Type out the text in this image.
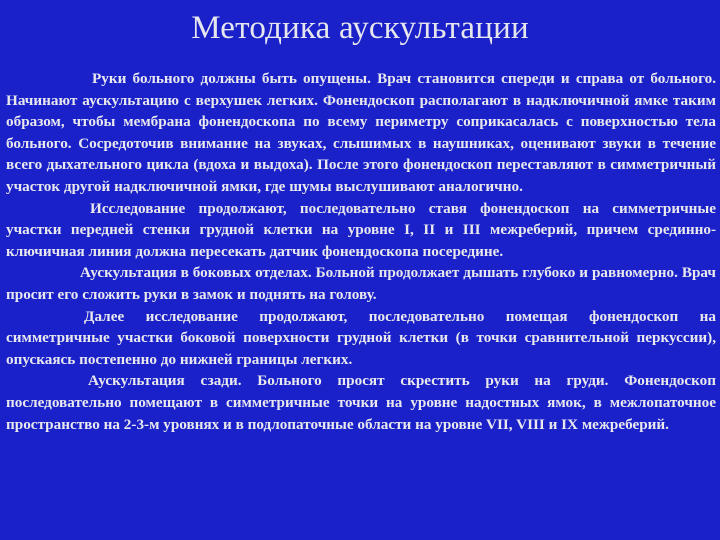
Методика аускультации

Руки больного должны быть опущены. Врач становится спереди и справа от больного. Начинают аускультацию с верхушек легких. Фонендоскоп располагают в надключичной ямке таким образом, чтобы мембрана фонендоскопа по всему периметру соприкасалась с поверхностью тела больного. Сосредоточив внимание на звуках, слышимых в наушниках, оценивают звуки в течение всего дыхательного цикла (вдоха и выдоха). После этого фонендоскоп переставляют в симметричный участок другой надключичной ямки, где шумы выслушивают аналогично.

Исследование продолжают, последовательно ставя фонендоскоп на симметричные участки передней стенки грудной клетки на уровне I, II и III межреберий, причем срединно-ключичная линия должна пересекать датчик фонендоскопа посередине.

Аускультация в боковых отделах. Больной продолжает дышать глубоко и равномерно. Врач просит его сложить руки в замок и поднять на голову.

Далее исследование продолжают, последовательно помещая фонендоскоп на симметричные участки боковой поверхности грудной клетки (в точки сравнительной перкуссии), опускаясь постепенно до нижней границы легких.

Аускультация сзади. Больного просят скрестить руки на груди. Фонендоскоп последовательно помещают в симметричные точки на уровне надостных ямок, в межлопаточное пространство на 2-3-м уровнях и в подлопаточные области на уровне VII, VIII и IX межреберий.
